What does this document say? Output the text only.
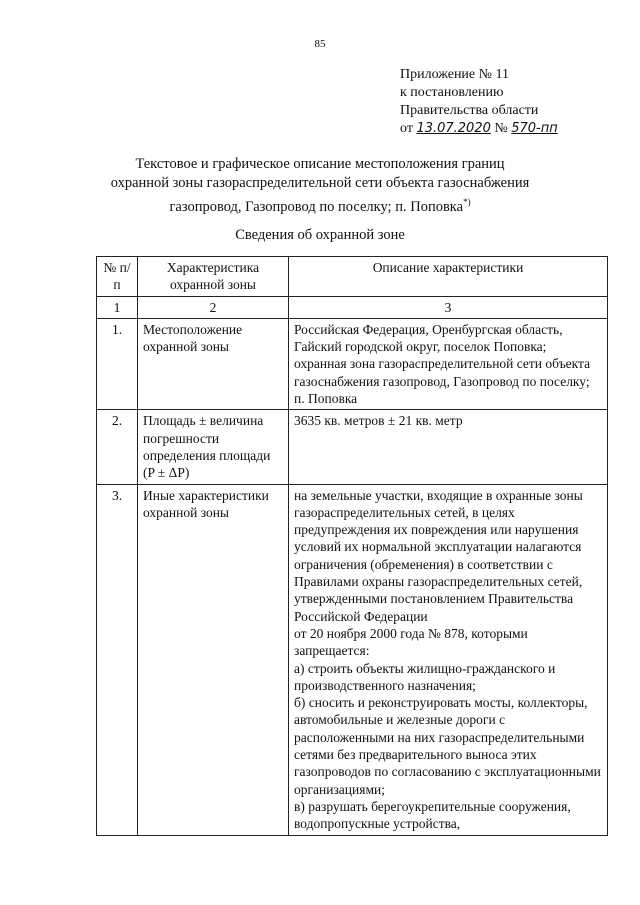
85
Приложение № 11
к постановлению
Правительства области
от 13.07.2020 № 570-пп
Текстовое и графическое описание местоположения границ
охранной зоны газораспределительной сети объекта газоснабжения
газопровод, Газопровод по поселку; п. Поповка*)
Сведения об охранной зоне
№ п/п	Характеристика охранной зоны	Описание характеристики
1	2	3
1.	Местоположение охранной зоны	Российская Федерация, Оренбургская область, Гайский городской округ, поселок Поповка; охранная зона газораспределительной сети объекта газоснабжения газопровод, Газопровод по поселку; п. Поповка

2.	Площадь ± величина погрешности определения площади (P ± ΔP)	3635 кв. метров ± 21 кв. метр

3.	Иные характеристики охранной зоны	на земельные участки, входящие в охранные зоны газораспределительных сетей, в целях предупреждения их повреждения или нарушения условий их нормальной эксплуатации налагаются ограничения (обременения) в соответствии с Правилами охраны газораспределительных сетей, утвержденными постановлением Правительства Российской Федерации
от 20 ноября 2000 года № 878, которыми запрещается:
а) строить объекты жилищно-гражданского и производственного назначения;
б) сносить и реконструировать мосты, коллекторы, автомобильные и железные дороги с расположенными на них газораспределительными сетями без предварительного выноса этих газопроводов по согласованию с эксплуатационными организациями;
в) разрушать берегоукрепительные сооружения, водопропускные устройства,
